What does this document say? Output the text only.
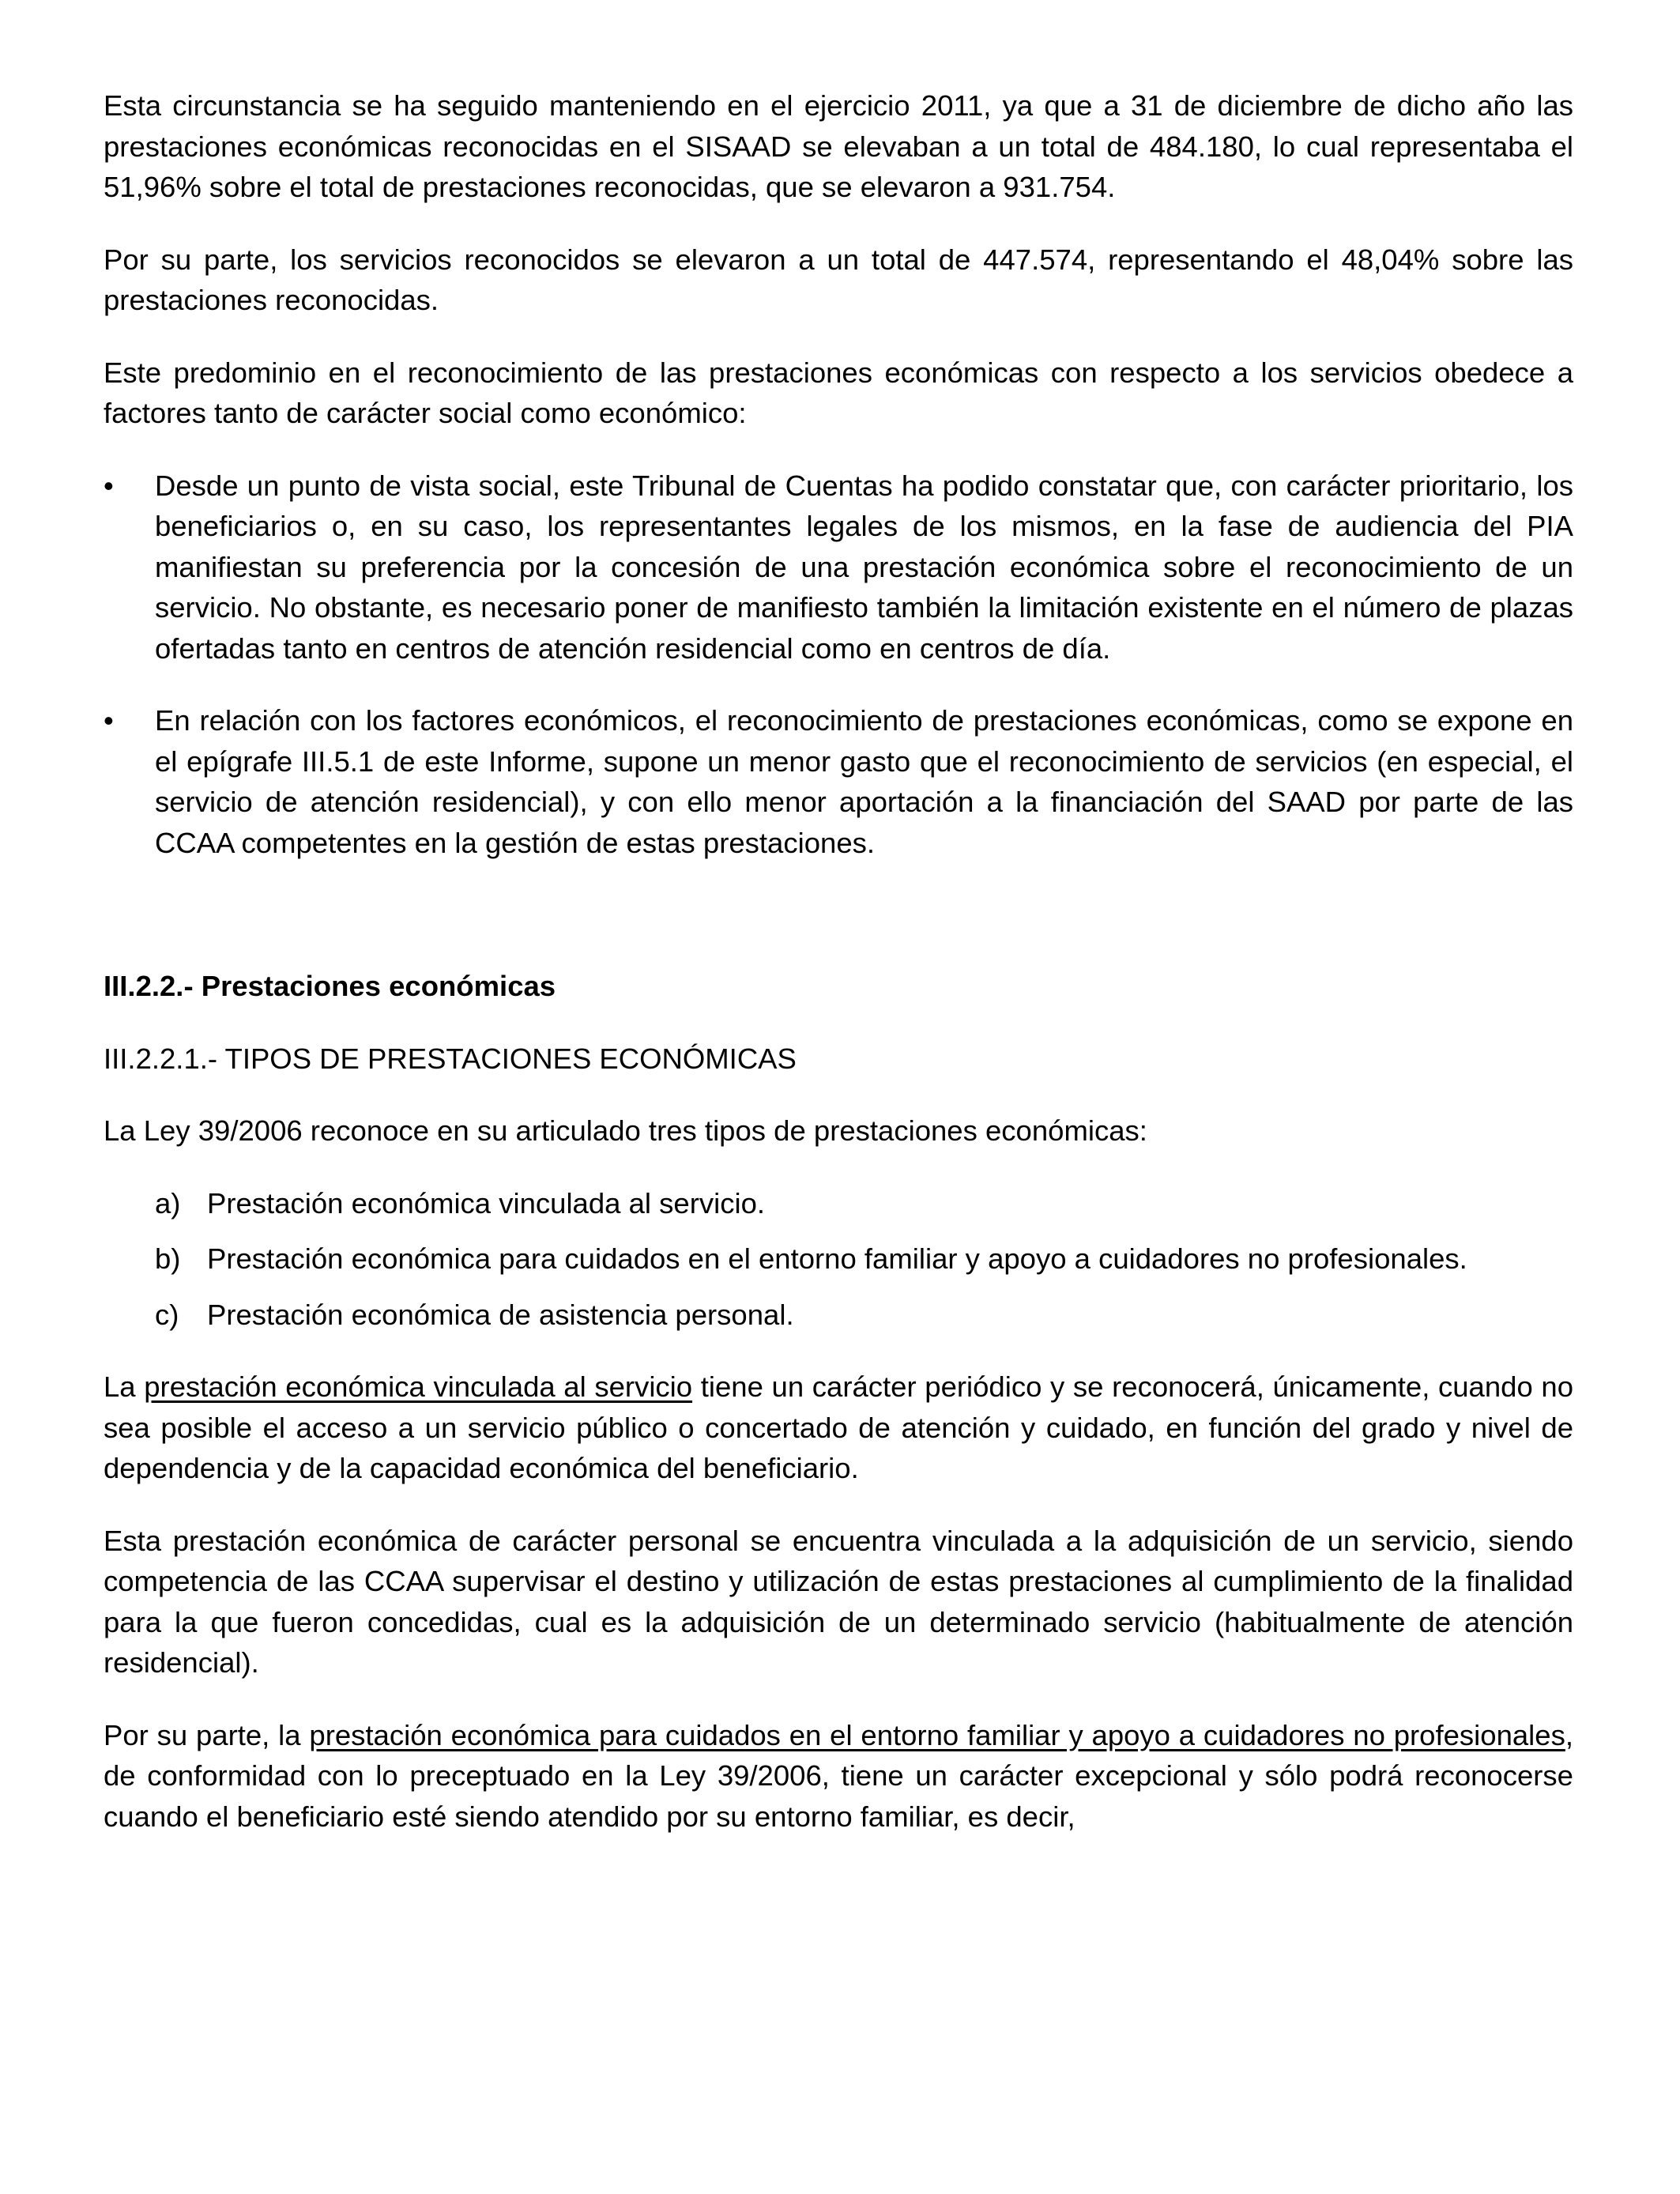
Esta circunstancia se ha seguido manteniendo en el ejercicio 2011, ya que a 31 de diciembre de dicho año las prestaciones económicas reconocidas en el SISAAD se elevaban a un total de 484.180, lo cual representaba el 51,96% sobre el total de prestaciones reconocidas, que se elevaron a 931.754.

Por su parte, los servicios reconocidos se elevaron a un total de 447.574, representando el 48,04% sobre las prestaciones reconocidas.

Este predominio en el reconocimiento de las prestaciones económicas con respecto a los servicios obedece a factores tanto de carácter social como económico:

• Desde un punto de vista social, este Tribunal de Cuentas ha podido constatar que, con carácter prioritario, los beneficiarios o, en su caso, los representantes legales de los mismos, en la fase de audiencia del PIA manifiestan su preferencia por la concesión de una prestación económica sobre el reconocimiento de un servicio. No obstante, es necesario poner de manifiesto también la limitación existente en el número de plazas ofertadas tanto en centros de atención residencial como en centros de día.
• En relación con los factores económicos, el reconocimiento de prestaciones económicas, como se expone en el epígrafe III.5.1 de este Informe, supone un menor gasto que el reconocimiento de servicios (en especial, el servicio de atención residencial), y con ello menor aportación a la financiación del SAAD por parte de las CCAA competentes en la gestión de estas prestaciones.
III.2.2.- Prestaciones económicas
III.2.2.1.- TIPOS DE PRESTACIONES ECONÓMICAS

La Ley 39/2006 reconoce en su articulado tres tipos de prestaciones económicas:

a) Prestación económica vinculada al servicio.
b) Prestación económica para cuidados en el entorno familiar y apoyo a cuidadores no profesionales.
c) Prestación económica de asistencia personal.

La prestación económica vinculada al servicio tiene un carácter periódico y se reconocerá, únicamente, cuando no sea posible el acceso a un servicio público o concertado de atención y cuidado, en función del grado y nivel de dependencia y de la capacidad económica del beneficiario.

Esta prestación económica de carácter personal se encuentra vinculada a la adquisición de un servicio, siendo competencia de las CCAA supervisar el destino y utilización de estas prestaciones al cumplimiento de la finalidad para la que fueron concedidas, cual es la adquisición de un determinado servicio (habitualmente de atención residencial).

Por su parte, la prestación económica para cuidados en el entorno familiar y apoyo a cuidadores no profesionales, de conformidad con lo preceptuado en la Ley 39/2006, tiene un carácter excepcional y sólo podrá reconocerse cuando el beneficiario esté siendo atendido por su entorno familiar, es decir,
